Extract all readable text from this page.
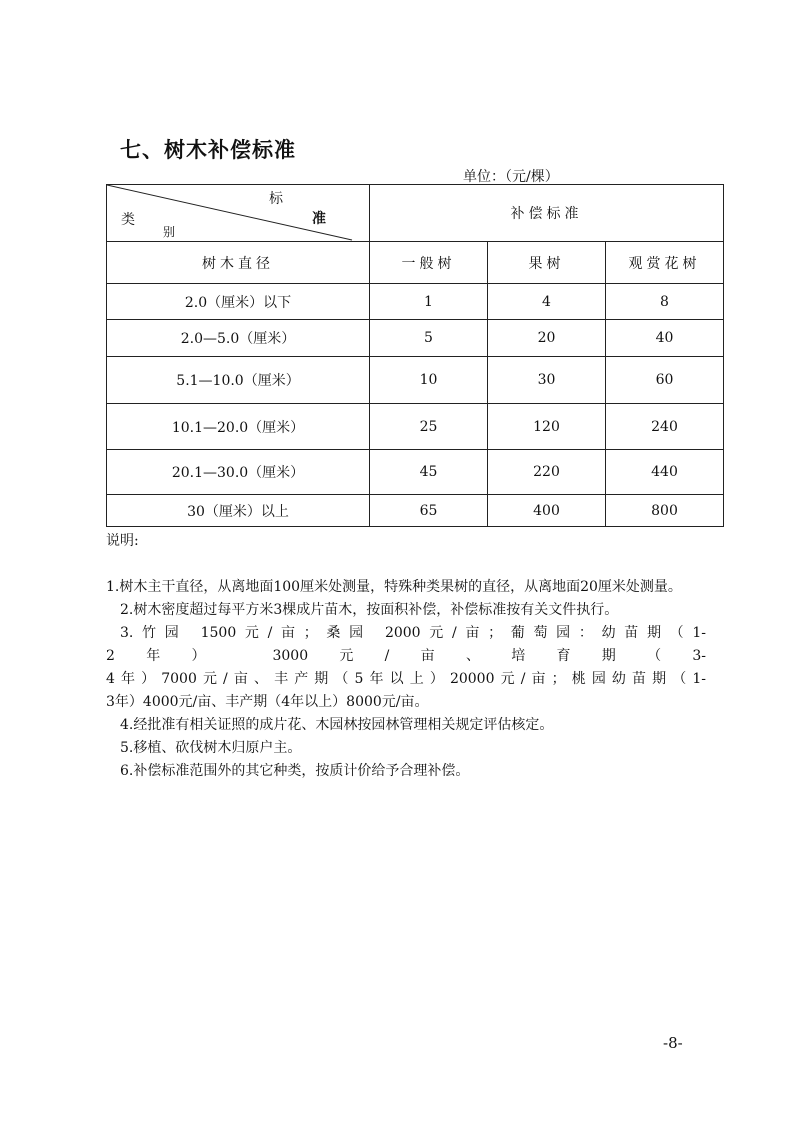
七、树木补偿标准
单位：（元/棵）
标
准
类
别	补偿标准		
树木直径	一般树	果树	观赏花树
2.0（厘米）以下	1	4	8
2.0—5.0（厘米）	5	20	40
5.1—10.0（厘米）	10	30	60
10.1—20.0（厘米）	25	120	240
20.1—30.0（厘米）	45	220	440
30（厘米）以上	65	400	800

说明:

1.树木主干直径，从离地面100厘米处测量，特殊种类果树的直径，从离地面20厘米处测量。

2.树木密度超过每平方米3棵成片苗木，按面积补偿，补偿标准按有关文件执行。

3.竹园 1500元/亩；桑园 2000元/亩；葡萄园：幼苗期（1-

2年） 3000元/亩、培育期（3-

4年）7000元/亩、丰产期（5年以上）20000元/亩；桃园幼苗期（1-

3年）4000元/亩、丰产期（4年以上）8000元/亩。

4.经批准有相关证照的成片花、木园林按园林管理相关规定评估核定。

5.移植、砍伐树木归原户主。

6.补偿标准范围外的其它种类，按质计价给予合理补偿。

-8-
